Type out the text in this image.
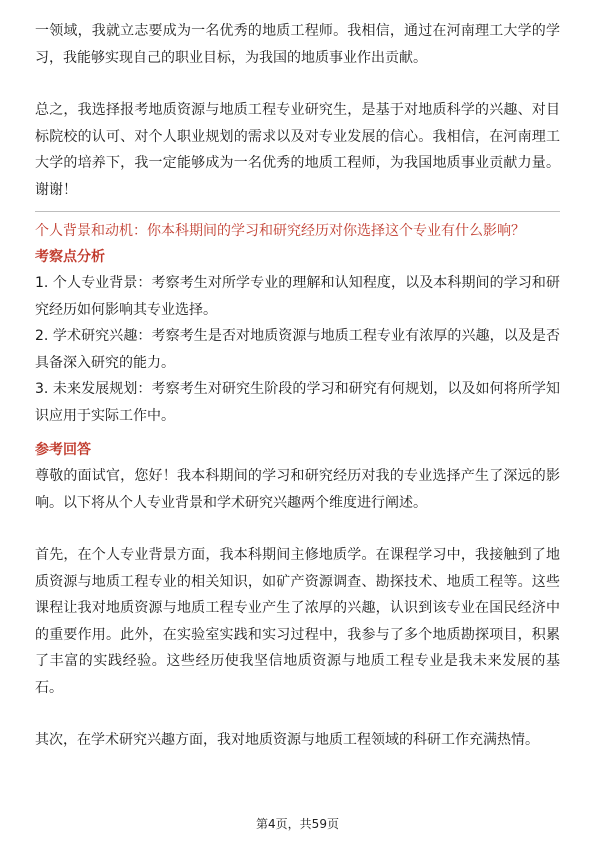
一领域，我就立志要成为一名优秀的地质工程师。我相信，通过在河南理工大学的学习，我能够实现自己的职业目标，为我国的地质事业作出贡献。

总之，我选择报考地质资源与地质工程专业研究生，是基于对地质科学的兴趣、对目标院校的认可、对个人职业规划的需求以及对专业发展的信心。我相信，在河南理工大学的培养下，我一定能够成为一名优秀的地质工程师，为我国地质事业贡献力量。谢谢！

个人背景和动机：你本科期间的学习和研究经历对你选择这个专业有什么影响？

考察点分析

1. 个人专业背景：考察考生对所学专业的理解和认知程度，以及本科期间的学习和研究经历如何影响其专业选择。

2. 学术研究兴趣：考察考生是否对地质资源与地质工程专业有浓厚的兴趣，以及是否具备深入研究的能力。

3. 未来发展规划：考察考生对研究生阶段的学习和研究有何规划，以及如何将所学知识应用于实际工作中。

参考回答

尊敬的面试官，您好！我本科期间的学习和研究经历对我的专业选择产生了深远的影响。以下将从个人专业背景和学术研究兴趣两个维度进行阐述。

首先，在个人专业背景方面，我本科期间主修地质学。在课程学习中，我接触到了地质资源与地质工程专业的相关知识，如矿产资源调查、勘探技术、地质工程等。这些课程让我对地质资源与地质工程专业产生了浓厚的兴趣，认识到该专业在国民经济中的重要作用。此外，在实验室实践和实习过程中，我参与了多个地质勘探项目，积累了丰富的实践经验。这些经历使我坚信地质资源与地质工程专业是我未来发展的基石。

其次，在学术研究兴趣方面，我对地质资源与地质工程领域的科研工作充满热情。

第4页，共59页
